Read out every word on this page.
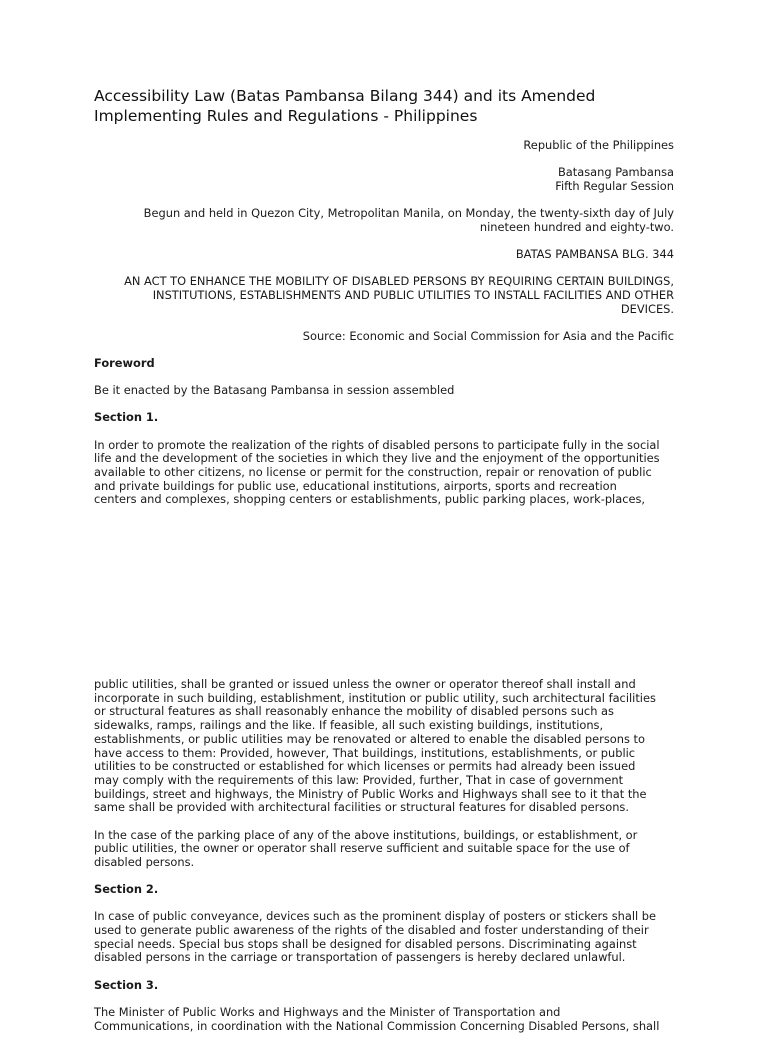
Accessibility Law (Batas Pambansa Bilang 344) and its Amended
Implementing Rules and Regulations - Philippines
Republic of the Philippines
Batasang Pambansa
Fifth Regular Session
Begun and held in Quezon City, Metropolitan Manila, on Monday, the twenty-sixth day of July
nineteen hundred and eighty-two.
BATAS PAMBANSA BLG. 344
AN ACT TO ENHANCE THE MOBILITY OF DISABLED PERSONS BY REQUIRING CERTAIN BUILDINGS,
INSTITUTIONS, ESTABLISHMENTS AND PUBLIC UTILITIES TO INSTALL FACILITIES AND OTHER
DEVICES.
Source: Economic and Social Commission for Asia and the Pacific
Foreword
Be it enacted by the Batasang Pambansa in session assembled
Section 1.
In order to promote the realization of the rights of disabled persons to participate fully in the social
life and the development of the societies in which they live and the enjoyment of the opportunities
available to other citizens, no license or permit for the construction, repair or renovation of public
and private buildings for public use, educational institutions, airports, sports and recreation
centers and complexes, shopping centers or establishments, public parking places, work-places,
public utilities, shall be granted or issued unless the owner or operator thereof shall install and
incorporate in such building, establishment, institution or public utility, such architectural facilities
or structural features as shall reasonably enhance the mobility of disabled persons such as
sidewalks, ramps, railings and the like. If feasible, all such existing buildings, institutions,
establishments, or public utilities may be renovated or altered to enable the disabled persons to
have access to them: Provided, however, That buildings, institutions, establishments, or public
utilities to be constructed or established for which licenses or permits had already been issued
may comply with the requirements of this law: Provided, further, That in case of government
buildings, street and highways, the Ministry of Public Works and Highways shall see to it that the
same shall be provided with architectural facilities or structural features for disabled persons.
In the case of the parking place of any of the above institutions, buildings, or establishment, or
public utilities, the owner or operator shall reserve sufficient and suitable space for the use of
disabled persons.
Section 2.
In case of public conveyance, devices such as the prominent display of posters or stickers shall be
used to generate public awareness of the rights of the disabled and foster understanding of their
special needs. Special bus stops shall be designed for disabled persons. Discriminating against
disabled persons in the carriage or transportation of passengers is hereby declared unlawful.
Section 3.
The Minister of Public Works and Highways and the Minister of Transportation and
Communications, in coordination with the National Commission Concerning Disabled Persons, shall
